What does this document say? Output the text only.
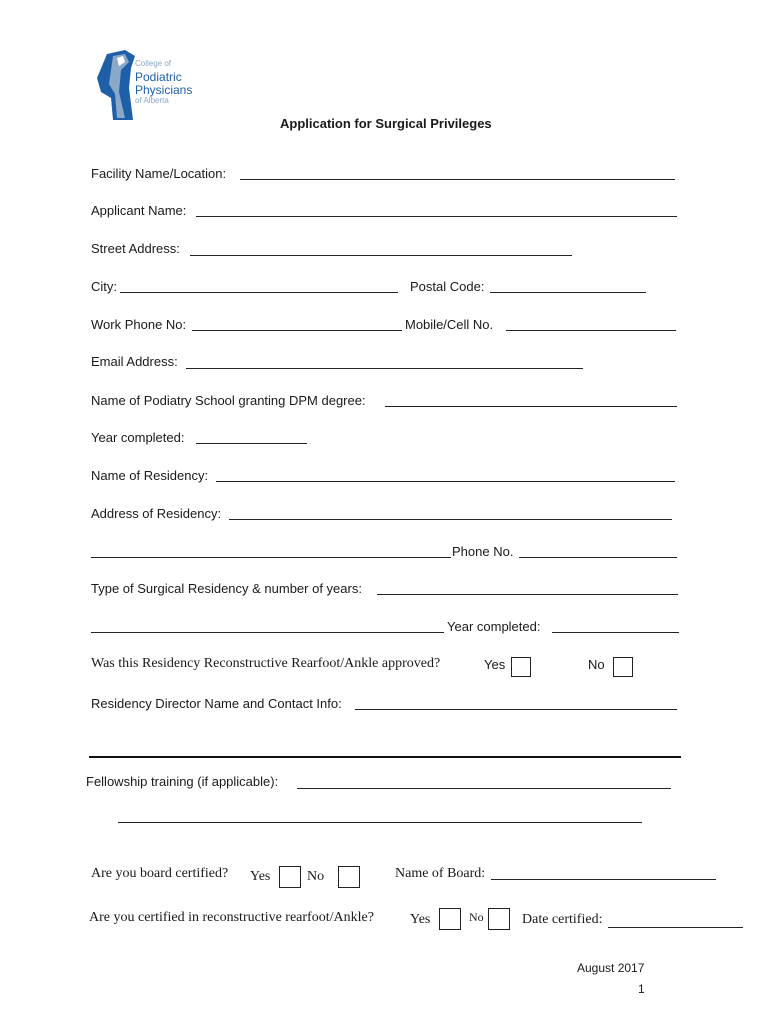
College of
Podiatric
Physicians
of Alberta
Application for Surgical Privileges
Facility Name/Location:
Applicant Name:
Street Address:
City:	Postal Code:
Work Phone No:	Mobile/Cell No.
Email Address:
Name of Podiatry School granting DPM degree:
Year completed:
Name of Residency:
Address of Residency:
Phone No.
Type of Surgical Residency & number of years:
Year completed:
Was this Residency Reconstructive Rearfoot/Ankle approved?	Yes	No
Residency Director Name and Contact Info:
Fellowship training (if applicable):
Are you board certified? Yes	No	Name of Board:
Are you certified in reconstructive rearfoot/Ankle?	Yes	No	Date certified:
August 2017
1
